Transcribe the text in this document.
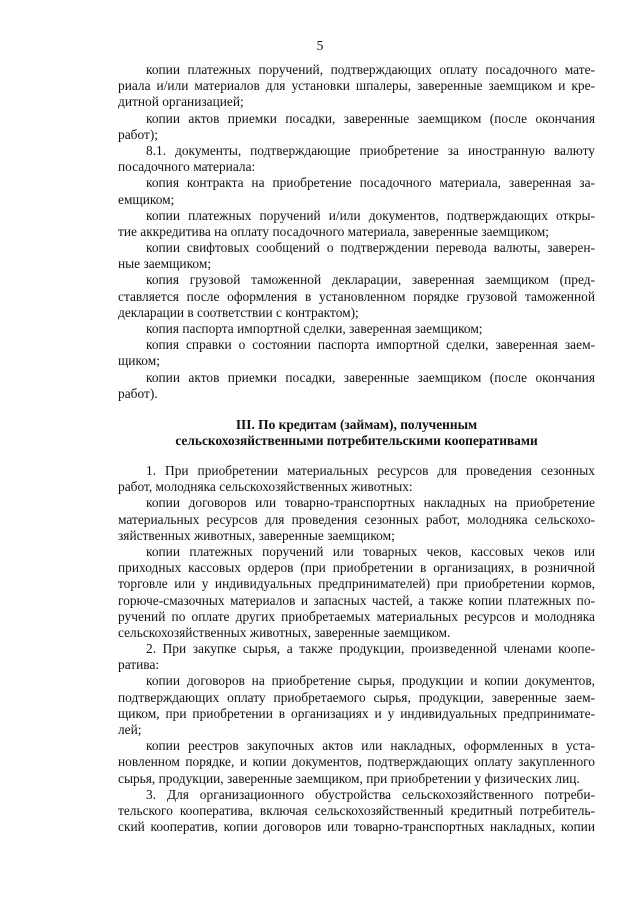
5
копии платежных поручений, подтверждающих оплату посадочного мате-
риала и/или материалов для установки шпалеры, заверенные заемщиком и кре-
дитной организацией;
копии актов приемки посадки, заверенные заемщиком (после окончания
работ);
8.1. документы, подтверждающие приобретение за иностранную валюту
посадочного материала:
копия контракта на приобретение посадочного материала, заверенная за-
емщиком;
копии платежных поручений и/или документов, подтверждающих откры-
тие аккредитива на оплату посадочного материала, заверенные заемщиком;
копии свифтовых сообщений о подтверждении перевода валюты, заверен-
ные заемщиком;
копия грузовой таможенной декларации, заверенная заемщиком (пред-
ставляется после оформления в установленном порядке грузовой таможенной
декларации в соответствии с контрактом);
копия паспорта импортной сделки, заверенная заемщиком;
копия справки о состоянии паспорта импортной сделки, заверенная заем-
щиком;
копии актов приемки посадки, заверенные заемщиком (после окончания
работ).
III. По кредитам (займам), полученным
сельскохозяйственными потребительскими кооперативами
1. При приобретении материальных ресурсов для проведения сезонных
работ, молодняка сельскохозяйственных животных:
копии договоров или товарно-транспортных накладных на приобретение
материальных ресурсов для проведения сезонных работ, молодняка сельскохо-
зяйственных животных, заверенные заемщиком;
копии платежных поручений или товарных чеков, кассовых чеков или
приходных кассовых ордеров (при приобретении в организациях, в розничной
торговле или у индивидуальных предпринимателей) при приобретении кормов,
горюче-смазочных материалов и запасных частей, а также копии платежных по-
ручений по оплате других приобретаемых материальных ресурсов и молодняка
сельскохозяйственных животных, заверенные заемщиком.
2. При закупке сырья, а также продукции, произведенной членами коопе-
ратива:
копии договоров на приобретение сырья, продукции и копии документов,
подтверждающих оплату приобретаемого сырья, продукции, заверенные заем-
щиком, при приобретении в организациях и у индивидуальных предпринимате-
лей;
копии реестров закупочных актов или накладных, оформленных в уста-
новленном порядке, и копии документов, подтверждающих оплату закупленного
сырья, продукции, заверенные заемщиком, при приобретении у физических лиц.
3. Для организационного обустройства сельскохозяйственного потреби-
тельского кооператива, включая сельскохозяйственный кредитный потребитель-
ский кооператив, копии договоров или товарно-транспортных накладных, копии
